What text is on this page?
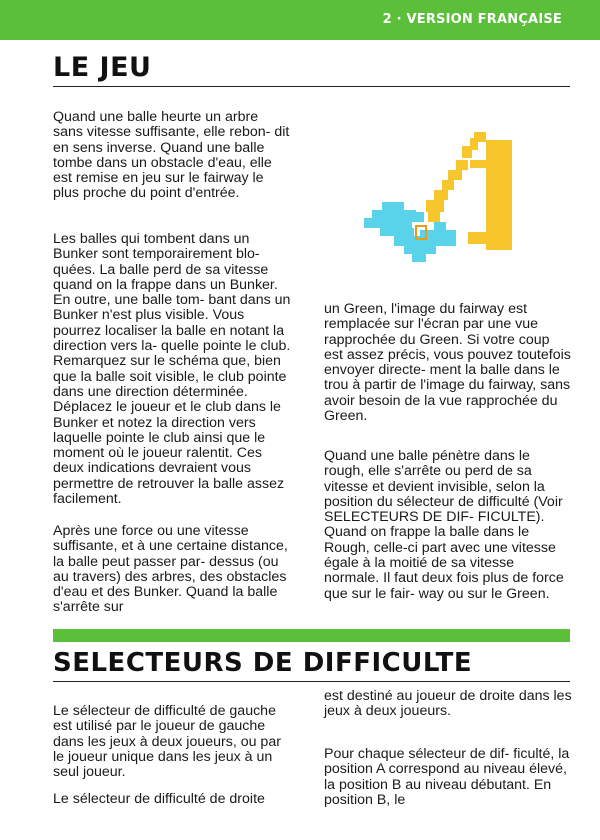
2 · VERSION FRANÇAISE
LE JEU

Quand une balle heurte un arbre sans vitesse suffisante, elle rebon- dit en sens inverse. Quand une balle tombe dans un obstacle d'eau, elle est remise en jeu sur le fairway le plus proche du point d'entrée.

Les balles qui tombent dans un Bunker sont temporairement blo- quées. La balle perd de sa vitesse quand on la frappe dans un Bunker. En outre, une balle tom- bant dans un Bunker n'est plus visible. Vous pourrez localiser la balle en notant la direction vers la- quelle pointe le club. Remarquez sur le schéma que, bien que la balle soit visible, le club pointe dans une direction déterminée. Déplacez le joueur et le club dans le Bunker et notez la direction vers laquelle pointe le club ainsi que le moment où le joueur ralentit. Ces deux indications devraient vous permettre de retrouver la balle assez facilement.

Après une force ou une vitesse suffisante, et à une certaine distance, la balle peut passer par- dessus (ou au travers) des arbres, des obstacles d'eau et des Bunker. Quand la balle s'arrête sur

un Green, l'image du fairway est remplacée sur l'écran par une vue rapprochée du Green. Si votre coup est assez précis, vous pouvez toutefois envoyer directe- ment la balle dans le trou à partir de l'image du fairway, sans avoir besoin de la vue rapprochée du Green.

Quand une balle pénètre dans le rough, elle s'arrête ou perd de sa vitesse et devient invisible, selon la position du sélecteur de difficulté (Voir SELECTEURS DE DIF- FICULTE). Quand on frappe la balle dans le Rough, celle-ci part avec une vitesse égale à la moitié de sa vitesse normale. Il faut deux fois plus de force que sur le fair- way ou sur le Green.

SELECTEURS DE DIFFICULTE

Le sélecteur de difficulté de gauche est utilisé par le joueur de gauche dans les jeux à deux joueurs, ou par le joueur unique dans les jeux à un seul joueur.

Le sélecteur de difficulté de droite

est destiné au joueur de droite dans les jeux à deux joueurs.

Pour chaque sélecteur de dif- ficulté, la position A correspond au niveau élevé, la position B au niveau débutant. En position B, le
